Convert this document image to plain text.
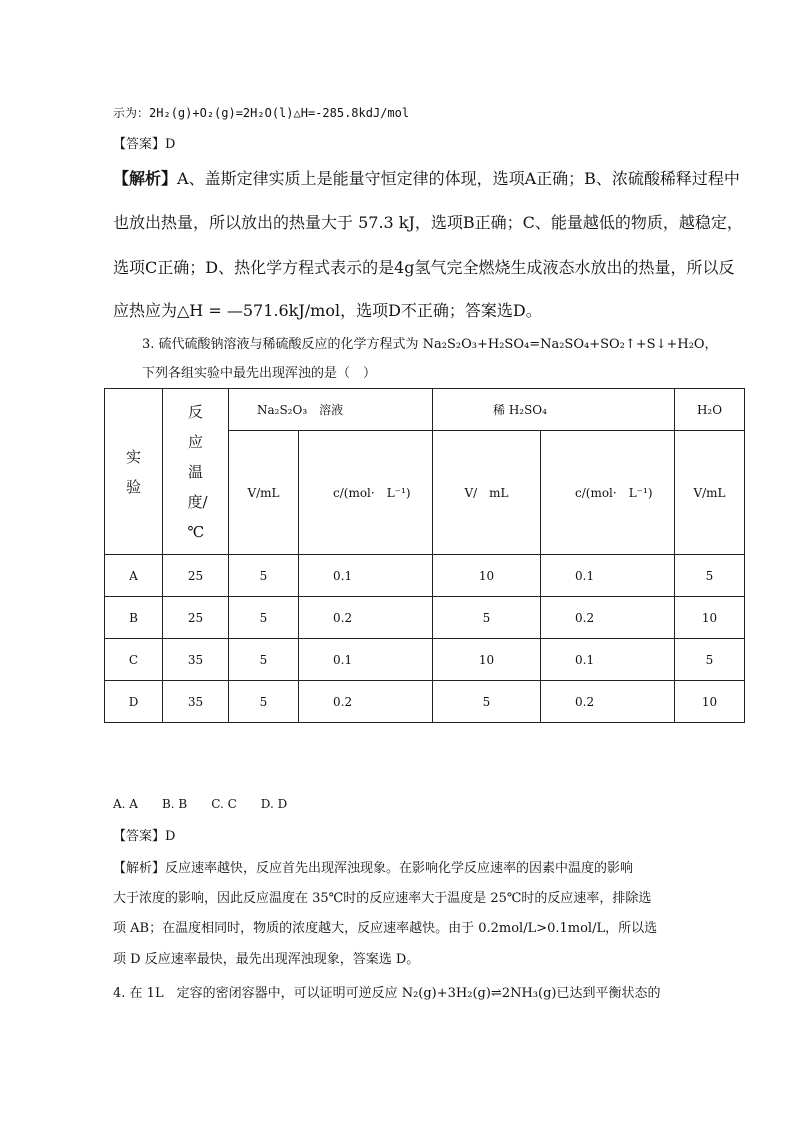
示为：2H₂(g)+O₂(g)=2H₂O(l)△H=-285.8kdJ/mol
【答案】D
【解析】A、盖斯定律实质上是能量守恒定律的体现，选项A正确；B、浓硫酸稀释过程中
也放出热量，所以放出的热量大于 57.3 kJ，选项B正确；C、能量越低的物质，越稳定，
选项C正确；D、热化学方程式表示的是4g氢气完全燃烧生成液态水放出的热量，所以反
应热应为△H = —571.6kJ/mol，选项D不正确；答案选D。
3. 硫代硫酸钠溶液与稀硫酸反应的化学方程式为 Na₂S₂O₃+H₂SO₄=Na₂SO₄+SO₂↑+S↓+H₂O，
下列各组实验中最先出现浑浊的是（　）
实验	反应温度/℃	Na₂S₂O₃　溶液		稀 H₂SO₄		H₂O
		V/mL	c/(mol·　L⁻¹)	V/　mL	c/(mol·　L⁻¹)	V/mL
A	25	5	0.1	10	0.1	5
B	25	5	0.2	5	0.2	10
C	35	5	0.1	10	0.1	5
D	35	5	0.2	5	0.2	10
A. A　　B. B　　C. C　　D. D
【答案】D
【解析】反应速率越快，反应首先出现浑浊现象。在影响化学反应速率的因素中温度的影响
大于浓度的影响，因此反应温度在 35℃时的反应速率大于温度是 25℃时的反应速率，排除选
项 AB；在温度相同时，物质的浓度越大，反应速率越快。由于 0.2mol/L>0.1mol/L，所以选
项 D 反应速率最快，最先出现浑浊现象，答案选 D。
4. 在 1L　定容的密闭容器中，可以证明可逆反应 N₂(g)+3H₂(g)⇌2NH₃(g)已达到平衡状态的
